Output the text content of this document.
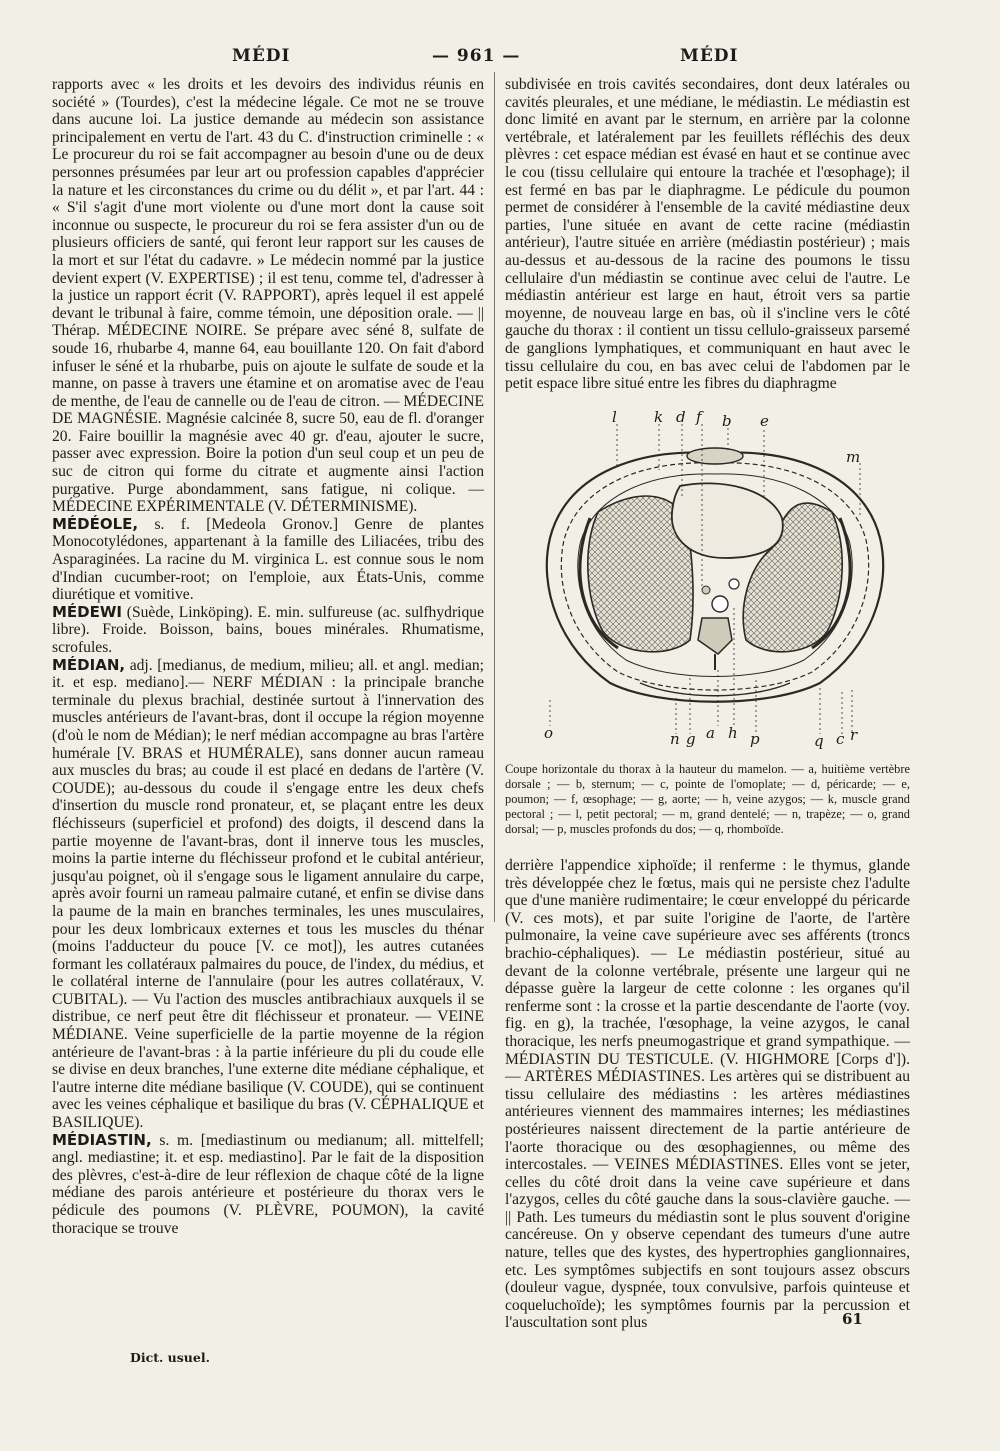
MÉDI	— 961 —	MÉDI

rapports avec « les droits et les devoirs des individus réunis en société » (Tourdes), c'est la médecine légale. Ce mot ne se trouve dans aucune loi. La justice demande au médecin son assistance principalement en vertu de l'art. 43 du C. d'instruction criminelle : « Le procureur du roi se fait accompagner au besoin d'une ou de deux personnes présumées par leur art ou profession capables d'apprécier la nature et les circonstances du crime ou du délit », et par l'art. 44 : « S'il s'agit d'une mort violente ou d'une mort dont la cause soit inconnue ou suspecte, le procureur du roi se fera assister d'un ou de plusieurs officiers de santé, qui feront leur rapport sur les causes de la mort et sur l'état du cadavre. » Le médecin nommé par la justice devient expert (V. EXPERTISE) ; il est tenu, comme tel, d'adresser à la justice un rapport écrit (V. RAPPORT), après lequel il est appelé devant le tribunal à faire, comme témoin, une déposition orale. — || Thérap. MÉDECINE NOIRE. Se prépare avec séné 8, sulfate de soude 16, rhubarbe 4, manne 64, eau bouillante 120. On fait d'abord infuser le séné et la rhubarbe, puis on ajoute le sulfate de soude et la manne, on passe à travers une étamine et on aromatise avec de l'eau de menthe, de l'eau de cannelle ou de l'eau de citron. — MÉDECINE DE MAGNÉSIE. Magnésie calcinée 8, sucre 50, eau de fl. d'oranger 20. Faire bouillir la magnésie avec 40 gr. d'eau, ajouter le sucre, passer avec expression. Boire la potion d'un seul coup et un peu de suc de citron qui forme du citrate et augmente ainsi l'action purgative. Purge abondamment, sans fatigue, ni colique. — MÉDECINE EXPÉRIMENTALE (V. DÉTERMINISME).

MÉDÉOLE, s. f. [Medeola Gronov.] Genre de plantes Monocotylédones, appartenant à la famille des Liliacées, tribu des Asparaginées. La racine du M. virginica L. est connue sous le nom d'Indian cucumber-root; on l'emploie, aux États-Unis, comme diurétique et vomitive.

MÉDEWI (Suède, Linköping). E. min. sulfureuse (ac. sulfhydrique libre). Froide. Boisson, bains, boues minérales. Rhumatisme, scrofules.

MÉDIAN, adj. [medianus, de medium, milieu; all. et angl. median; it. et esp. mediano].— NERF MÉDIAN : la principale branche terminale du plexus brachial, destinée surtout à l'innervation des muscles antérieurs de l'avant-bras, dont il occupe la région moyenne (d'où le nom de Médian); le nerf médian accompagne au bras l'artère humérale [V. BRAS et HUMÉRALE), sans donner aucun rameau aux muscles du bras; au coude il est placé en dedans de l'artère (V. COUDE); au-dessous du coude il s'engage entre les deux chefs d'insertion du muscle rond pronateur, et, se plaçant entre les deux fléchisseurs (superficiel et profond) des doigts, il descend dans la partie moyenne de l'avant-bras, dont il innerve tous les muscles, moins la partie interne du fléchisseur profond et le cubital antérieur, jusqu'au poignet, où il s'engage sous le ligament annulaire du carpe, après avoir fourni un rameau palmaire cutané, et enfin se divise dans la paume de la main en branches terminales, les unes musculaires, pour les deux lombricaux externes et tous les muscles du thénar (moins l'adducteur du pouce [V. ce mot]), les autres cutanées formant les collatéraux palmaires du pouce, de l'index, du médius, et le collatéral interne de l'annulaire (pour les autres collatéraux, V. CUBITAL). — Vu l'action des muscles antibrachiaux auxquels il se distribue, ce nerf peut être dit fléchisseur et pronateur. — VEINE MÉDIANE. Veine superficielle de la partie moyenne de la région antérieure de l'avant-bras : à la partie inférieure du pli du coude elle se divise en deux branches, l'une externe dite médiane céphalique, et l'autre interne dite médiane basilique (V. COUDE), qui se continuent avec les veines céphalique et basilique du bras (V. CÉPHALIQUE et BASILIQUE).

MÉDIASTIN, s. m. [mediastinum ou medianum; all. mittelfell; angl. mediastine; it. et esp. mediastino]. Par le fait de la disposition des plèvres, c'est-à-dire de leur réflexion de chaque côté de la ligne médiane des parois antérieure et postérieure du thorax vers le pédicule des poumons (V. PLÈVRE, POUMON), la cavité thoracique se trouve

subdivisée en trois cavités secondaires, dont deux latérales ou cavités pleurales, et une médiane, le médiastin. Le médiastin est donc limité en avant par le sternum, en arrière par la colonne vertébrale, et latéralement par les feuillets réfléchis des deux plèvres : cet espace médian est évasé en haut et se continue avec le cou (tissu cellulaire qui entoure la trachée et l'œsophage); il est fermé en bas par le diaphragme. Le pédicule du poumon permet de considérer à l'ensemble de la cavité médiastine deux parties, l'une située en avant de cette racine (médiastin antérieur), l'autre située en arrière (médiastin postérieur) ; mais au-dessus et au-dessous de la racine des poumons le tissu cellulaire d'un médiastin se continue avec celui de l'autre. Le médiastin antérieur est large en haut, étroit vers sa partie moyenne, de nouveau large en bas, où il s'incline vers le côté gauche du thorax : il contient un tissu cellulo-graisseux parsemé de ganglions lymphatiques, et communiquant en haut avec le tissu cellulaire du cou, en bas avec celui de l'abdomen par le petit espace libre situé entre les fibres du diaphragme

l k d f b e
m
o	n g a h p	q c r
Coupe horizontale du thorax à la hauteur du mamelon. — a, huitième vertèbre dorsale ; — b, sternum; — c, pointe de l'omoplate; — d, péricarde; — e, poumon; — f, œsophage; — g, aorte; — h, veine azygos; — k, muscle grand pectoral ; — l, petit pectoral; — m, grand dentelé; — n, trapèze; — o, grand dorsal; — p, muscles profonds du dos; — q, rhomboïde.

derrière l'appendice xiphoïde; il renferme : le thymus, glande très développée chez le fœtus, mais qui ne persiste chez l'adulte que d'une manière rudimentaire; le cœur enveloppé du péricarde (V. ces mots), et par suite l'origine de l'aorte, de l'artère pulmonaire, la veine cave supérieure avec ses afférents (troncs brachio-céphaliques). — Le médiastin postérieur, situé au devant de la colonne vertébrale, présente une largeur qui ne dépasse guère la largeur de cette colonne : les organes qu'il renferme sont : la crosse et la partie descendante de l'aorte (voy. fig. en g), la trachée, l'œsophage, la veine azygos, le canal thoracique, les nerfs pneumogastrique et grand sympathique. — MÉDIASTIN DU TESTICULE. (V. HIGHMORE [Corps d']). — ARTÈRES MÉDIASTINES. Les artères qui se distribuent au tissu cellulaire des médiastins : les artères médiastines antérieures viennent des mammaires internes; les médiastines postérieures naissent directement de la partie antérieure de l'aorte thoracique ou des œsophagiennes, ou même des intercostales. — VEINES MÉDIASTINES. Elles vont se jeter, celles du côté droit dans la veine cave supérieure et dans l'azygos, celles du côté gauche dans la sous-clavière gauche. — || Path. Les tumeurs du médiastin sont le plus souvent d'origine cancéreuse. On y observe cependant des tumeurs d'une autre nature, telles que des kystes, des hypertrophies ganglionnaires, etc. Les symptômes subjectifs en sont toujours assez obscurs (douleur vague, dyspnée, toux convulsive, parfois quinteuse et coqueluchoïde); les symptômes fournis par la percussion et l'auscultation sont plus

Dict. usuel.
61
